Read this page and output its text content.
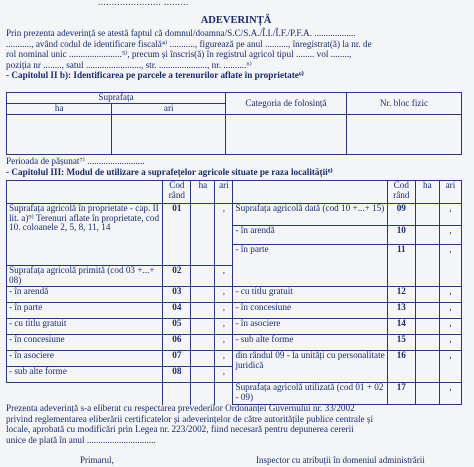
....................... .........
ADEVERINȚĂ
Prin prezenta adeverință se atestă faptul că domnul/doamna/S.C/S.A./Î.I./Î.F./P.F.A. ..................
..........., având codul de identificare fiscală⁴⁾ ..........., figurează pe anul .........., înregistrat(ă) la nr. de
rol nominal unic .......................⁵⁾, precum și înscris(ă) în registrul agricol tipul ........ vol ........,
poziția nr ........, satul ........................, str. ....................., nr. ..........⁶⁾
- Capitolul II b): Identificarea pe parcele a terenurilor aflate în proprietate⁶⁾
Suprafața		Categoria de folosință	Nr. bloc fizic
ha	ari		

Perioada de pășunat⁷⁾ .........................
- Capitolul III: Modul de utilizare a suprafețelor agricole situate pe raza localității⁸⁾
	Cod rând	ha	ari		Cod rând	ha	ari
Suprafața agricolă în proprietate - cap. II lit. a)⁹⁾ Terenuri aflate în proprietate, cod 10. coloanele 2, 5, 8, 11, 14	01		,	Suprafața agricolă dată (cod 10 +...+ 15)	09		,
				- în arendă	10		,
				- în parte	11		,
Suprafața agricolă primită (cod 03 +...+ 08)	02		,				
- în arendă	03		,	- cu titlu gratuit	12		,
- în parte	04		,	- în concesiune	13		,
- cu titlu gratuit	05		,	- în asociere	14		,
- în concesiune	06		,	- sub alte forme	15		,
- în asociere	07		,	din rândul 09 - la unități cu personalitate juridică	16		,
- sub alte forme	08		,				
				Suprafața agricolă utilizată (cod 01 + 02 - 09)	17		,
Prezenta adeverință s-a eliberat cu respectarea prevederilor Ordonanței Guvernului nr. 33/2002
privind reglementarea eliberării certificatelor și adeverințelor de către autoritățile publice centrale și
locale, aprobată cu modificări prin Legea nr. 223/2002, fiind necesară pentru depunerea cererii
unice de plată în anul ..............................
Primarul,	Inspector cu atribuții în domeniul administrării
